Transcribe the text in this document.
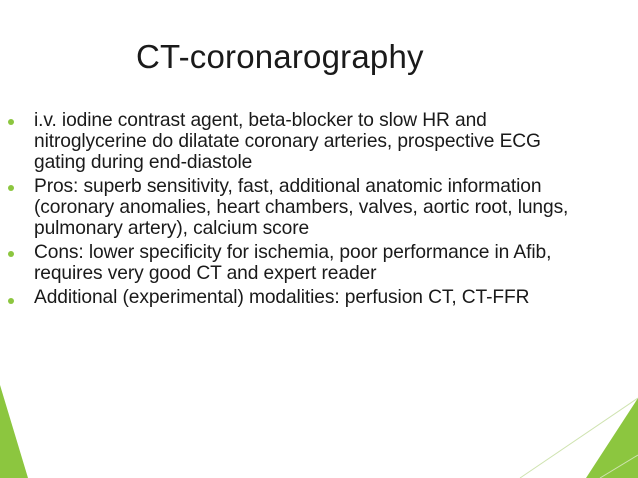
CT-coronarography
i.v. iodine contrast agent, beta-blocker to slow HR and nitroglycerine do dilatate coronary arteries, prospective ECG gating during end-diastole
Pros: superb sensitivity, fast, additional anatomic information (coronary anomalies, heart chambers, valves, aortic root, lungs, pulmonary artery), calcium score
Cons: lower specificity for ischemia, poor performance in Afib, requires very good CT and expert reader
Additional (experimental) modalities: perfusion CT, CT-FFR
